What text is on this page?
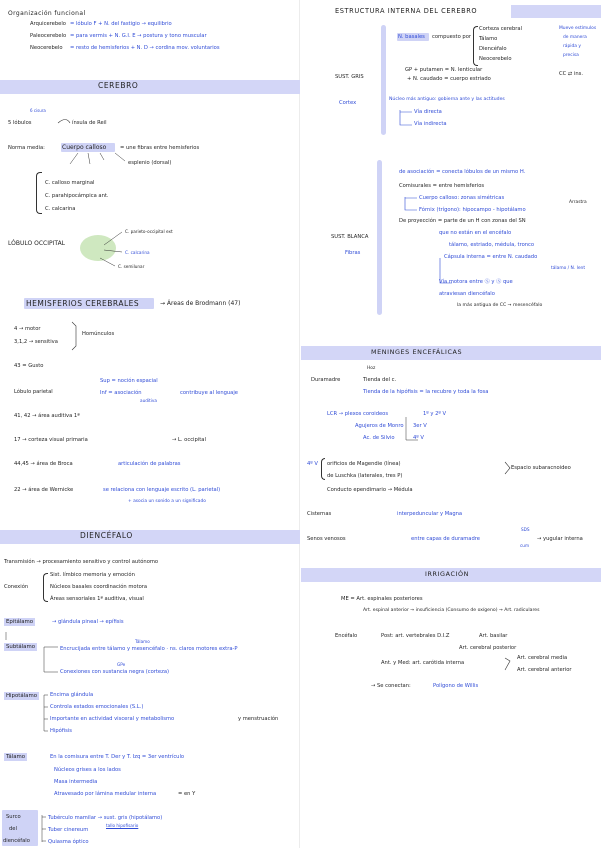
Organización funcional
Arquicerebelo = lóbulo F + N. del fastigio → equilibrio
Paleocerebelo = para vermis + N. G.I. E → postura y tono muscular
Neocerebelo = resto de hemisferios + N. D → cordina mov. voluntarios
CEREBRO
6 cisura
5 lóbulos	ínsula de Reil
Norma media:	Cuerpo calloso	= une fibras entre hemisferios
esplenio (dorsal)
C. calloso marginal
C. parahipocámpica ant.
C. calcarina
LÓBULO OCCIPITAL
C. parieto-occipital ext
C. calcarina
C. semilunar
HEMISFERIOS CEREBRALES	→ Áreas de Brodmann (47)
4 → motor
3,1,2 → sensitiva
Homúnculos
43 = Gusto
Lóbulo parietal
Sup = noción espacial
Inf = asociación
auditiva
contribuye al lenguaje
41, 42 → área auditiva 1ª
17 → corteza visual primaria	→ L. occipital
44,45 → área de Broca	articulación de palabras
22 → área de Wernicke	se relaciona con lenguaje escrito (L. parietal)
+ asocia un sonido a un significado
DIENCÉFALO
Transmisión → procesamiento sensitivo y control autónomo
Conexión
Sist. límbico memoria y emoción
Núcleos basales coordinación motora
Áreas sensoriales 1ª auditiva, visual
Epitálamo	→ glándula pineal → epífisis
Subtálamo
Tálamo
Encrucijada entre tálamo y mesencéfalo · ns. claros motores extra-P
GPe
Conexiones con sustancia negra (corteza)
Hipotálamo	Encima glándula
Controla estados emocionales (S.L.)
Importante en actividad visceral y metabolismo	y menstruación
Hipófisis
Tálamo	En la comisura entre T. Der y T. Izq = 3er ventrículo
Núcleos grises a los lados
Masa intermedia
Atravesado por lámina medular interna	= en Y
Surco
del
diencéfalo
Tubérculo mamilar → sust. gris (hipotálamo)
Tuber cinereum
tallo hipofisario
Quiasma óptico
ESTRUCTURA INTERNA DEL CEREBRO
SUST. GRIS
Cortex
N. basales compuesto por
Corteza cerebral
Tálamo
Diencéfalo
Neocerebelo
Mueve estímulos
de manera
rápida y
precisa
GP + putamen = N. lenticular
+ N. caudado = cuerpo estriado
CC ⇄ ins.
Núcleo más antiguo: gobierna ante y las actitudes
Vía directa
Vía indirecta
SUST. BLANCA
Fibras
de asociación = conecta lóbulos de un mismo H.
Comisurales = entre hemisferios
Cuerpo calloso: zonas simétricas
Fórnix (trígono): hipocampo - hipotálamo
Arrastra
De proyección = parte de un H con zonas del SN
que no están en el encéfalo
tálamo, estriado, médula, tronco
Cápsula interna = entre N. caudado
tálamo / N. lent
Vía motora entre Ⓢ y Ⓢ que
atraviesan diencéfalo
la más antigua de CC → mesencéfalo
MENINGES ENCEFÁLICAS
Duramadre
Hoz
Tienda del c.
Tienda de la hipófisis = la recubre y toda la fosa
LCR → plexos coroideos	1º y 2º V
Agujeros de Monro 3er V
Ac. de Silvio	4º V
4º V orificios de Magendie (línea)
de Luschka (laterales, tres P)
Espacio subaracnoideo
Conducto ependimario → Médula
Cisternas	interpeduncular y Magna
Senos venosos	entre capas de duramadre
SDS
cum
→ yugular interna
IRRIGACIÓN
ME = Art. espinales posteriores
Art. espinal anterior → insuficiencia (Consumo de oxígeno) → Art. radiculares
Encéfalo	Post: art. vertebrales D.I.Z	Art. basilar
Art. cerebral posterior
Ant. y Med: art. carótida interna
Art. cerebral media
Art. cerebral anterior
→ Se conectan:	Polígono de Willis
